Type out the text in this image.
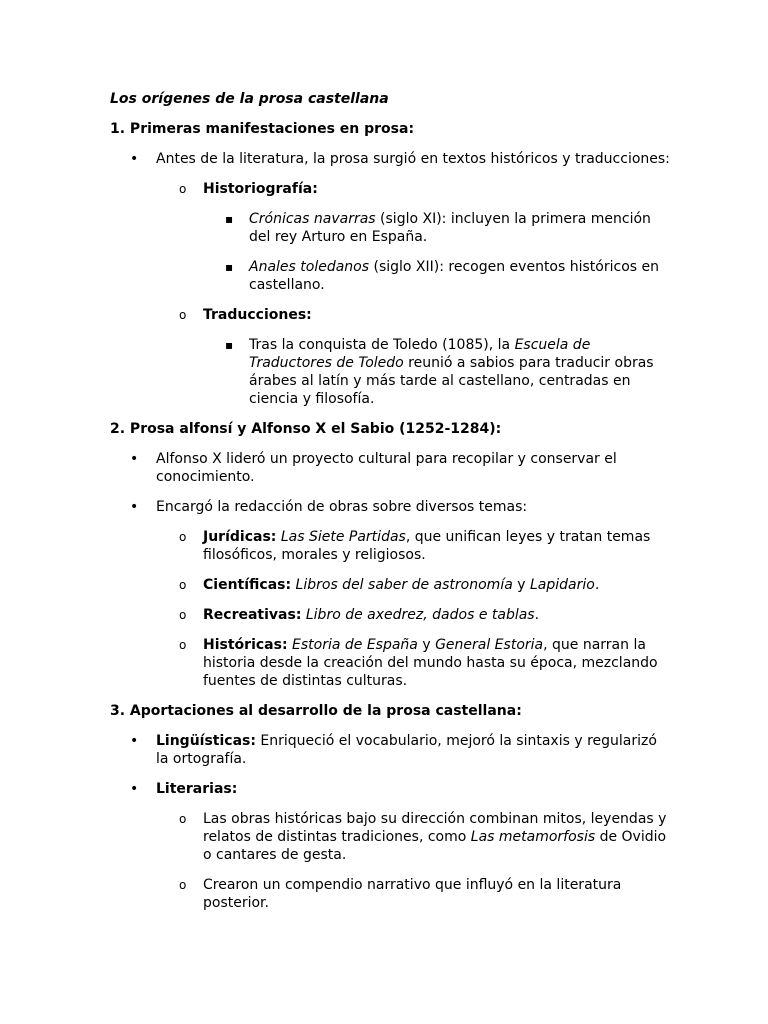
Los orígenes de la prosa castellana
1. Primeras manifestaciones en prosa:
• Antes de la literatura, la prosa surgió en textos históricos y traducciones:
o Historiografía:
▪ Crónicas navarras (siglo XI): incluyen la primera mención del rey Arturo en España.
▪ Anales toledanos (siglo XII): recogen eventos históricos en castellano.
o Traducciones:
▪ Tras la conquista de Toledo (1085), la Escuela de Traductores de Toledo reunió a sabios para traducir obras árabes al latín y más tarde al castellano, centradas en ciencia y filosofía.
2. Prosa alfonsí y Alfonso X el Sabio (1252-1284):
• Alfonso X lideró un proyecto cultural para recopilar y conservar el conocimiento.
• Encargó la redacción de obras sobre diversos temas:
o Jurídicas: Las Siete Partidas, que unifican leyes y tratan temas filosóficos, morales y religiosos.
o Científicas: Libros del saber de astronomía y Lapidario.
o Recreativas: Libro de axedrez, dados e tablas.
o Históricas: Estoria de España y General Estoria, que narran la historia desde la creación del mundo hasta su época, mezclando fuentes de distintas culturas.
3. Aportaciones al desarrollo de la prosa castellana:
• Lingüísticas: Enriqueció el vocabulario, mejoró la sintaxis y regularizó la ortografía.
• Literarias:
o Las obras históricas bajo su dirección combinan mitos, leyendas y relatos de distintas tradiciones, como Las metamorfosis de Ovidio o cantares de gesta.
o Crearon un compendio narrativo que influyó en la literatura posterior.
